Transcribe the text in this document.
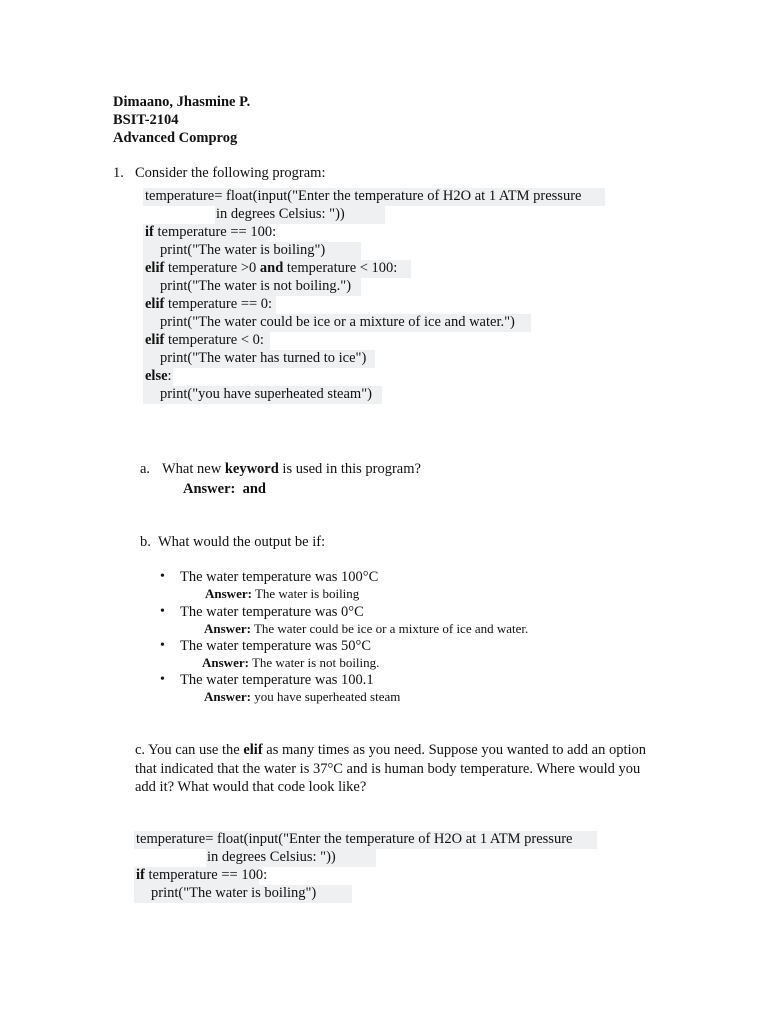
Dimaano, Jhasmine P.
BSIT-2104
Advanced Comprog
1. Consider the following program:
temperature= float(input("Enter the temperature of H2O at 1 ATM pressure
in degrees Celsius: "))
if temperature == 100:
print("The water is boiling")
elif temperature >0 and temperature < 100:
print("The water is not boiling.")
elif temperature == 0:
print("The water could be ice or a mixture of ice and water.")
elif temperature < 0:
print("The water has turned to ice")
else:
print("you have superheated steam")
a. What new keyword is used in this program?
Answer:  and
b. What would the output be if:
• The water temperature was 100°C
Answer: The water is boiling
• The water temperature was 0°C
Answer: The water could be ice or a mixture of ice and water.
• The water temperature was 50°C
Answer: The water is not boiling.
• The water temperature was 100.1
Answer: you have superheated steam
c. You can use the elif as many times as you need. Suppose you wanted to add an option
that indicated that the water is 37°C and is human body temperature. Where would you
add it? What would that code look like?
temperature= float(input("Enter the temperature of H2O at 1 ATM pressure
in degrees Celsius: "))
if temperature == 100:
print("The water is boiling")
